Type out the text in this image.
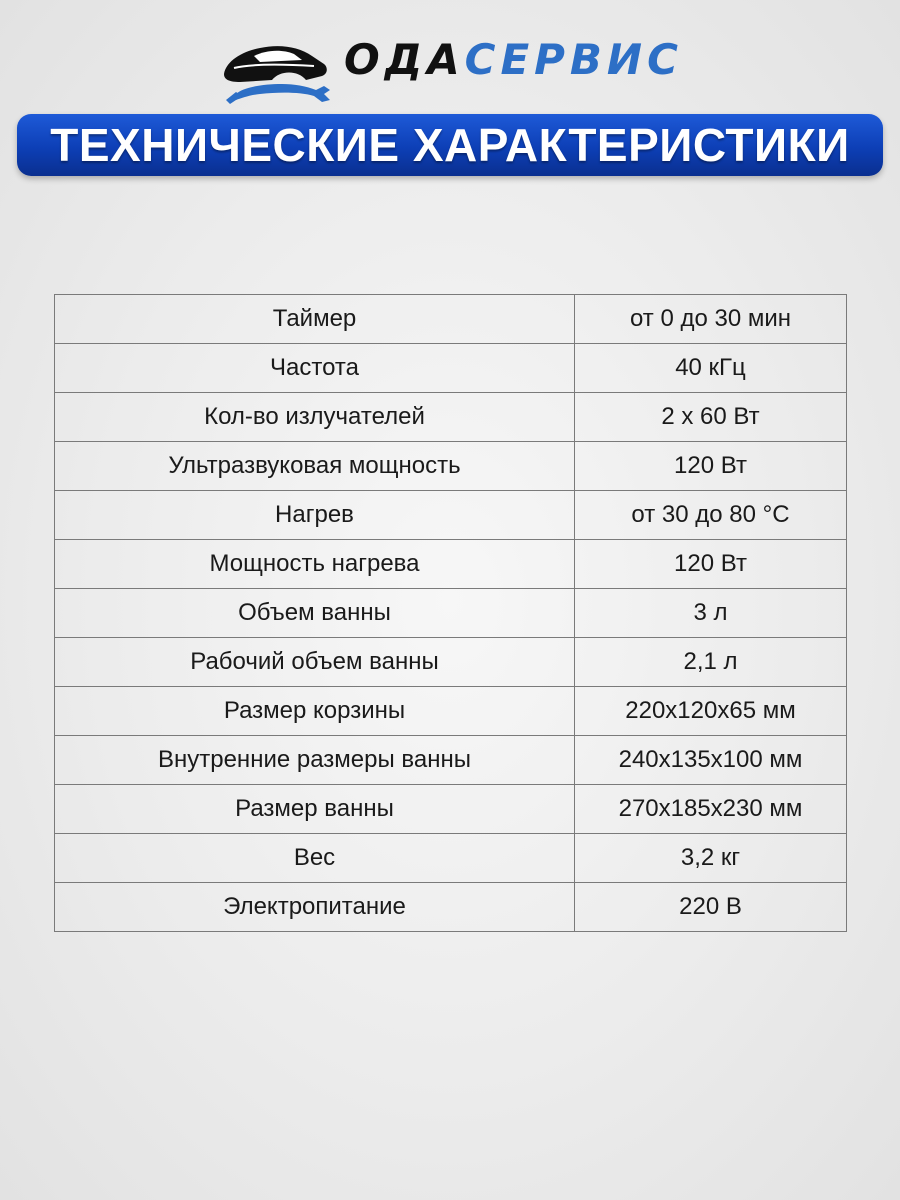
ОДАСЕРВИС
ТЕХНИЧЕСКИЕ ХАРАКТЕРИСТИКИ
Таймер	от 0 до 30 мин
Частота	40 кГц
Кол-во излучателей	2 x 60 Вт
Ультразвуковая мощность	120 Вт
Нагрев	от 30 до 80 °С
Мощность нагрева	120 Вт
Объем ванны	3 л
Рабочий объем ванны	2,1 л
Размер корзины	220x120x65 мм
Внутренние размеры ванны	240x135x100 мм
Размер ванны	270x185x230 мм
Вес	3,2 кг
Электропитание	220 В
